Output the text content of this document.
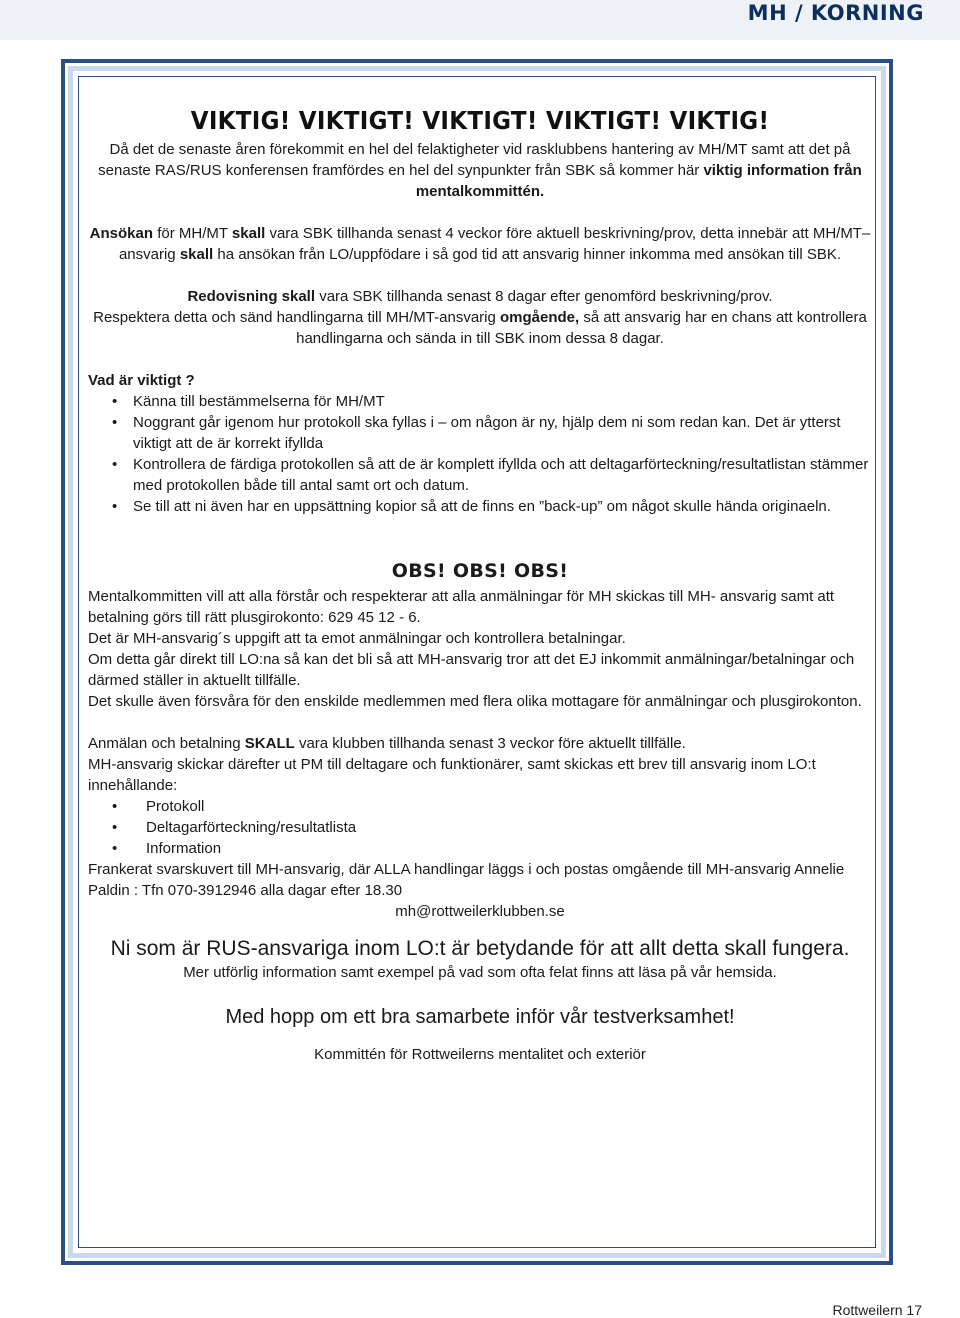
MH / KORNING
VIKTIG! VIKTIGT! VIKTIGT! VIKTIGT! VIKTIG!

Då det de senaste åren förekommit en hel del felaktigheter vid rasklubbens hantering av MH/MT samt att det på senaste RAS/RUS konferensen framfördes en hel del synpunkter från SBK så kommer här viktig information från mentalkommittén.

Ansökan för MH/MT skall vara SBK tillhanda senast 4 veckor före aktuell beskrivning/prov, detta innebär att MH/MT–ansvarig skall ha ansökan från LO/uppfödare i så god tid att ansvarig hinner inkomma med ansökan till SBK.

Redovisning skall vara SBK tillhanda senast 8 dagar efter genomförd beskrivning/prov.
Respektera detta och sänd handlingarna till MH/MT-ansvarig omgående, så att ansvarig har en chans att kontrollera handlingarna och sända in till SBK inom dessa 8 dagar.

Vad är viktigt ?

• Känna till bestämmelserna för MH/MT
• Noggrant går igenom hur protokoll ska fyllas i – om någon är ny, hjälp dem ni som redan kan. Det är ytterst viktigt att de är korrekt ifyllda
• Kontrollera de färdiga protokollen så att de är komplett ifyllda och att deltagarförteckning/resultatlistan stämmer med protokollen både till antal samt ort och datum.
• Se till att ni även har en uppsättning kopior så att de finns en ”back-up” om något skulle hända originaeln.
OBS! OBS! OBS!

Mentalkommitten vill att alla förstår och respekterar att alla anmälningar för MH skickas till MH- ansvarig samt att betalning görs till rätt plusgirokonto: 629 45 12 - 6.

Det är MH-ansvarig´s uppgift att ta emot anmälningar och kontrollera betalningar.

Om detta går direkt till LO:na så kan det bli så att MH-ansvarig tror att det EJ inkommit anmälningar/betalningar och därmed ställer in aktuellt tillfälle.

Det skulle även försvåra för den enskilde medlemmen med flera olika mottagare för anmälningar och plusgirokonton.

Anmälan och betalning SKALL vara klubben tillhanda senast 3 veckor före aktuellt tillfälle.

MH-ansvarig skickar därefter ut PM till deltagare och funktionärer, samt skickas ett brev till ansvarig inom LO:t innehållande:

• Protokoll
• Deltagarförteckning/resultatlista
• Information

Frankerat svarskuvert till MH-ansvarig, där ALLA handlingar läggs i och postas omgående till MH-ansvarig Annelie Paldin : Tfn 070-3912946 alla dagar efter 18.30

mh@rottweilerklubben.se

Ni som är RUS-ansvariga inom LO:t är betydande för att allt detta skall fungera.

Mer utförlig information samt exempel på vad som ofta felat finns att läsa på vår hemsida.

Med hopp om ett bra samarbete inför vår testverksamhet!

Kommittén för Rottweilerns mentalitet och exteriör

Rottweilern 17
